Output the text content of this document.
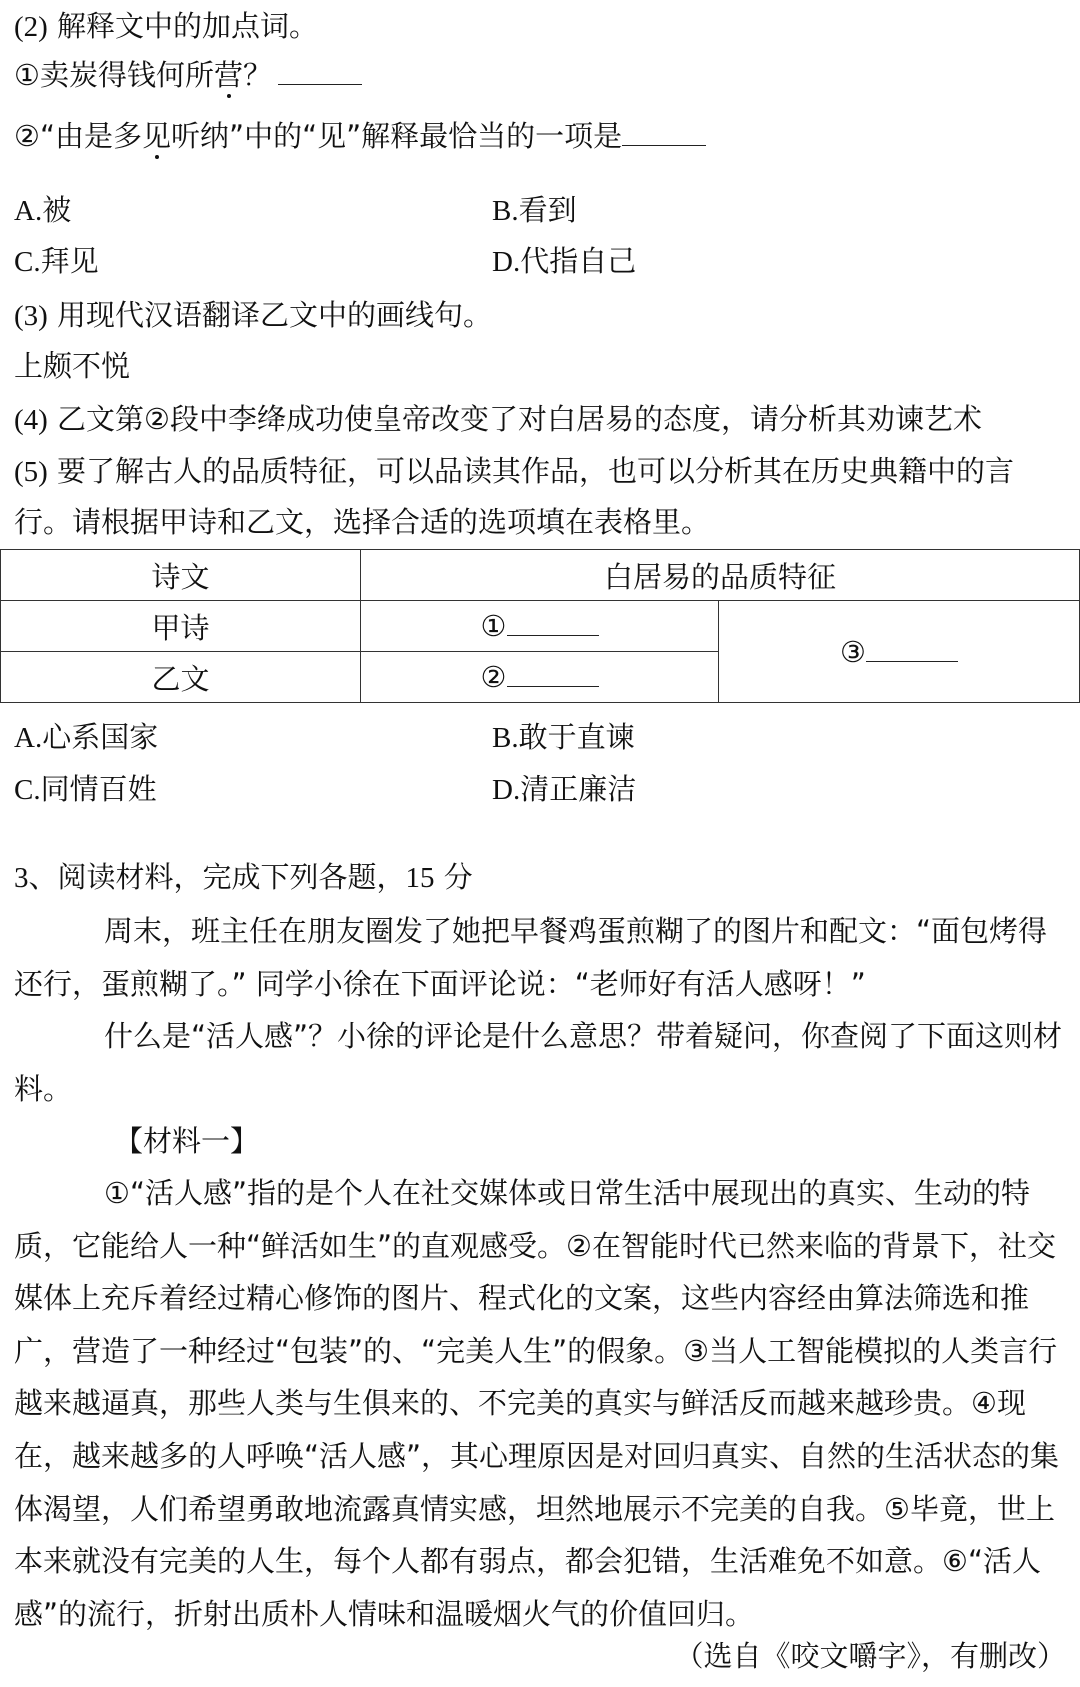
(2) 解释文中的加点词。
①卖炭得钱何所营？
②“由是多见听纳”中的“见”解释最恰当的一项是
A.被	B.看到
C.拜见	D.代指自己
(3) 用现代汉语翻译乙文中的画线句。
上颇不悦
(4) 乙文第②段中李绛成功使皇帝改变了对白居易的态度，请分析其劝谏艺术
(5) 要了解古人的品质特征，可以品读其作品，也可以分析其在历史典籍中的言
行。请根据甲诗和乙文，选择合适的选项填在表格里。
诗文	白居易的品质特征	
甲诗	①	③
乙文	②	
A.心系国家	B.敢于直谏
C.同情百姓	D.清正廉洁
3、阅读材料，完成下列各题，15 分
周末，班主任在朋友圈发了她把早餐鸡蛋煎糊了的图片和配文：“面包烤得还行，蛋煎糊了。” 同学小徐在下面评论说：“老师好有活人感呀！”
什么是“活人感”？小徐的评论是什么意思？带着疑问，你查阅了下面这则材料。
【材料一】
①“活人感”指的是个人在社交媒体或日常生活中展现出的真实、生动的特质，它能给人一种“鲜活如生”的直观感受。②在智能时代已然来临的背景下，社交媒体上充斥着经过精心修饰的图片、程式化的文案，这些内容经由算法筛选和推广，营造了一种经过“包装”的、“完美人生”的假象。③当人工智能模拟的人类言行越来越逼真，那些人类与生俱来的、不完美的真实与鲜活反而越来越珍贵。④现在，越来越多的人呼唤“活人感”，其心理原因是对回归真实、自然的生活状态的集体渴望，人们希望勇敢地流露真情实感，坦然地展示不完美的自我。⑤毕竟，世上本来就没有完美的人生，每个人都有弱点，都会犯错，生活难免不如意。⑥“活人感”的流行，折射出质朴人情味和温暖烟火气的价值回归。
（选自《咬文嚼字》，有删改）
